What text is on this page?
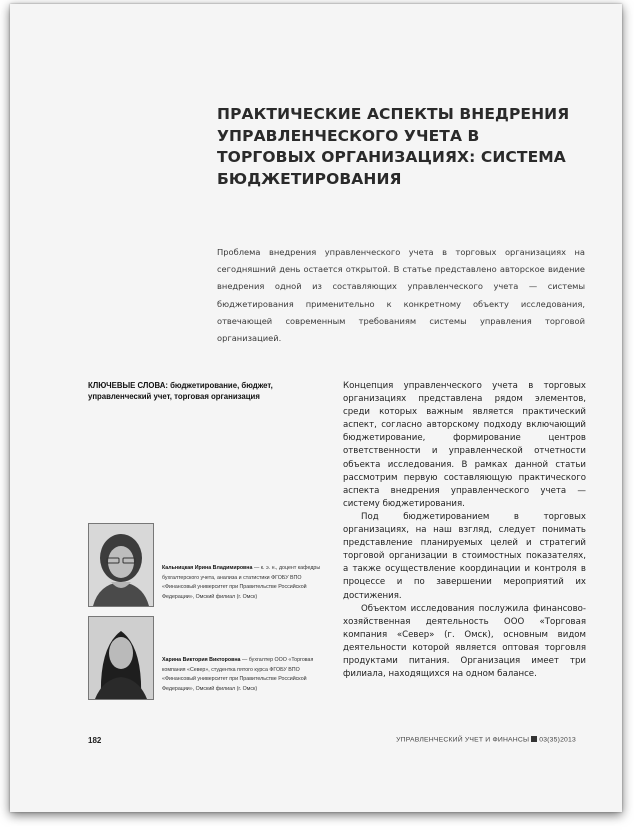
ПРАКТИЧЕСКИЕ АСПЕКТЫ ВНЕДРЕНИЯ УПРАВЛЕНЧЕСКОГО УЧЕТА В ТОРГОВЫХ ОРГАНИЗАЦИЯХ: СИСТЕМА БЮДЖЕТИРОВАНИЯ
Проблема внедрения управленческого учета в торговых организациях на сегодняшний день остается открытой. В статье представлено авторское видение внедрения одной из составляющих управленческого учета — системы бюджетирования применительно к конкретному объекту исследования, отвечающей современным требованиям системы управления торговой организацией.
КЛЮЧЕВЫЕ СЛОВА: бюджетирование, бюджет, управленческий учет, торговая организация

Концепция управленческого учета в торговых организациях представлена рядом элементов, среди которых важным является практический аспект, согласно авторскому подходу включающий бюджетирование, формирование центров ответственности и управленческой отчетности объекта исследования. В рамках данной статьи рассмотрим первую составляющую практического аспекта внедрения управленческого учета — систему бюджетирования.

Под бюджетированием в торговых организациях, на наш взгляд, следует понимать представление планируемых целей и стратегий торговой организации в стоимостных показателях, а также осуществление координации и контроля в процессе и по завершении мероприятий их достижения.

Объектом исследования послужила финансово-хозяйственная деятельность ООО «Торговая компания «Север» (г. Омск), основным видом деятельности которой является оптовая торговля продуктами питания. Организация имеет три филиала, находящихся на одном балансе.

Кальницкая Ирина Владимировна — к. э. н., доцент кафедры бухгалтерского учета, анализа и статистики ФГОБУ ВПО «Финансовый университет при Правительстве Российской Федерации», Омский филиал (г. Омск)
Харина Виктория Викторовна — бухгалтер ООО «Торговая компания «Север», студентка пятого курса ФГОБУ ВПО «Финансовый университет при Правительстве Российской Федерации», Омский филиал (г. Омск)
182	УПРАВЛЕНЧЕСКИЙ УЧЕТ И ФИНАНСЫ 03(35)2013
